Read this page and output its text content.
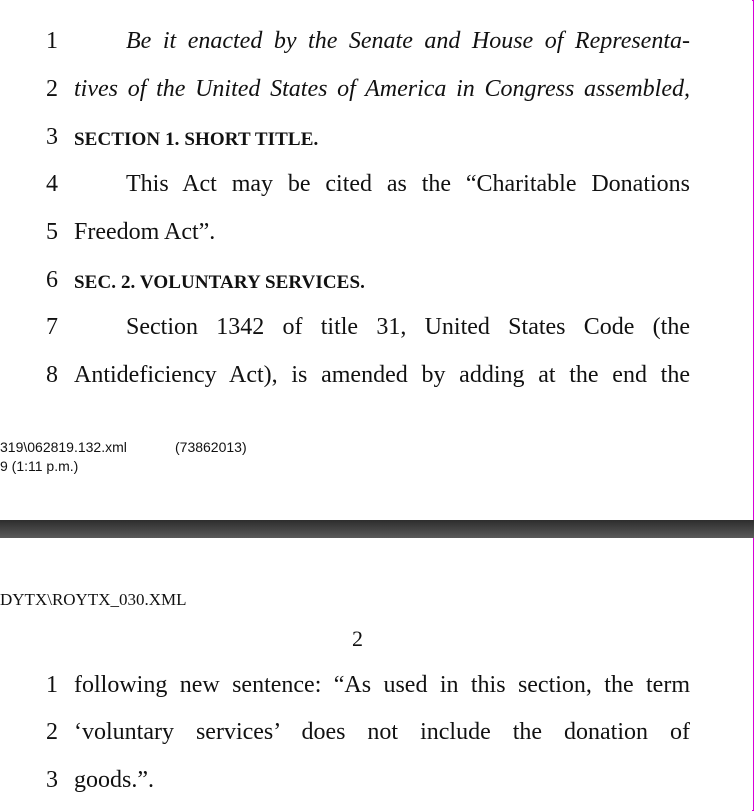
1	Be it enacted by the Senate and House of Representa-
2 tives of the United States of America in Congress assembled,
3 SECTION 1. SHORT TITLE.
4	This Act may be cited as the “Charitable Donations
5 Freedom Act”.
6 SEC. 2. VOLUNTARY SERVICES.
7	Section 1342 of title 31, United States Code (the
8 Antideficiency Act), is amended by adding at the end the
319\062819.132.xml	(73862013)
9 (1:11 p.m.)
DYTX\ROYTX_030.XML
2
1 following new sentence: “As used in this section, the term
2 ‘voluntary services’ does not include the donation of
3 goods.”.
